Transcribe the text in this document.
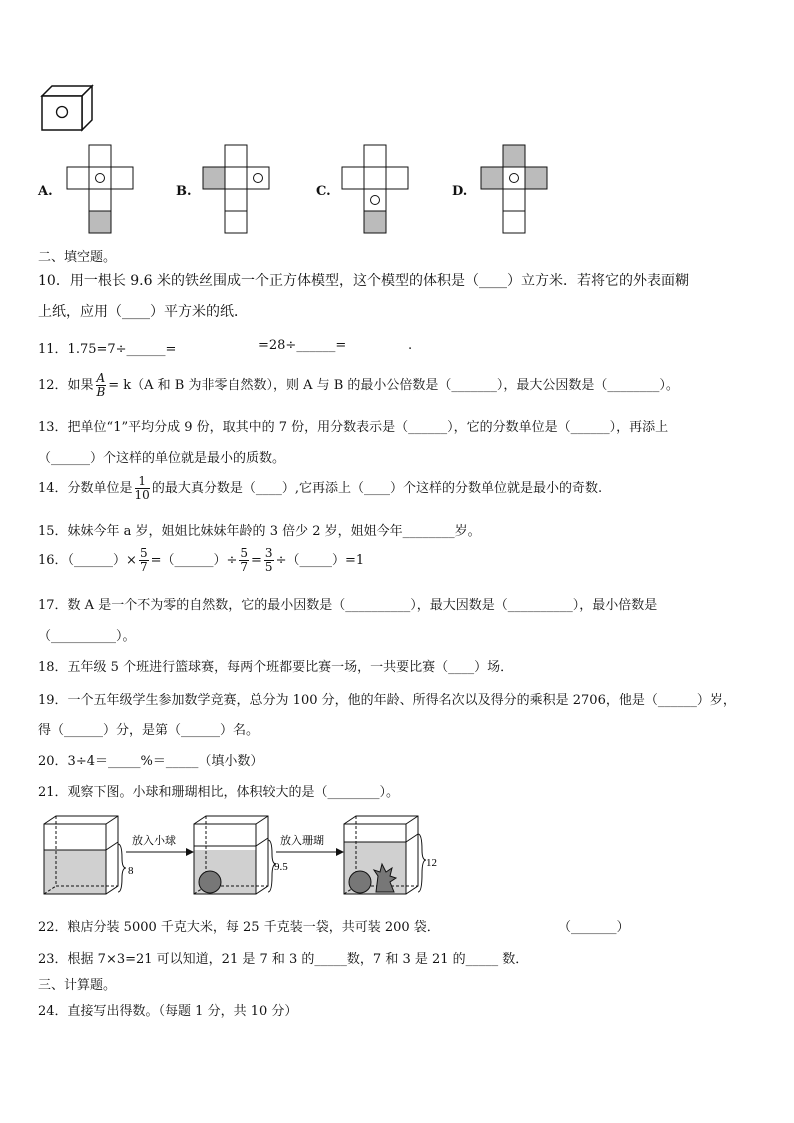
A.	B.	C.	D.
二、填空题。
10．用一根长 9.6 米的铁丝围成一个正方体模型，这个模型的体积是（____）立方米．若将它的外表面糊
上纸，应用（____）平方米的纸．
11．1.75=7÷______=	=28÷______=	.
12．如果 $\frac{A}{B} = k(A$ 和 B 为非零自然数），则 A 与 B 的最小公倍数是（_______），最大公因数是（________）。
13．把单位“1”平均分成 9 份，取其中的 7 份，用分数表示是（______），它的分数单位是（______），再添上
（______）个这样的单位就是最小的质数。
14．分数单位是 $\frac{1}{10}$ 的最大真分数是（____）,它再添上（____）个这样的分数单位就是最小的奇数.
15．妹妹今年 a 岁，姐姐比妹妹年龄的 3 倍少 2 岁，姐姐今年________岁。
16．（______）× $\frac{5}{7}$ =（______）÷ $\frac{5}{7} = \frac{3}{5}$ ÷（_____）=1
17．数 A 是一个不为零的自然数，它的最小因数是（__________），最大因数是（__________），最小倍数是
（__________）。
18．五年级 5 个班进行篮球赛，每两个班都要比赛一场，一共要比赛（____）场．
19．一个五年级学生参加数学竞赛，总分为 100 分，他的年龄、所得名次以及得分的乘积是 2706，他是（______）岁，
得（______）分，是第（______）名。
20．3÷4＝_____%＝_____（填小数）
21．观察下图。小球和珊瑚相比，体积较大的是（________）。
8
放入小球
9.5
放入珊瑚
12
22．粮店分装 5000 千克大米，每 25 千克装一袋，共可装 200 袋．	（_______）
23．根据 7×3=21 可以知道，21 是 7 和 3 的_____数，7 和 3 是 21 的_____ 数．
三、计算题。
24．直接写出得数。（每题 1 分，共 10 分）
